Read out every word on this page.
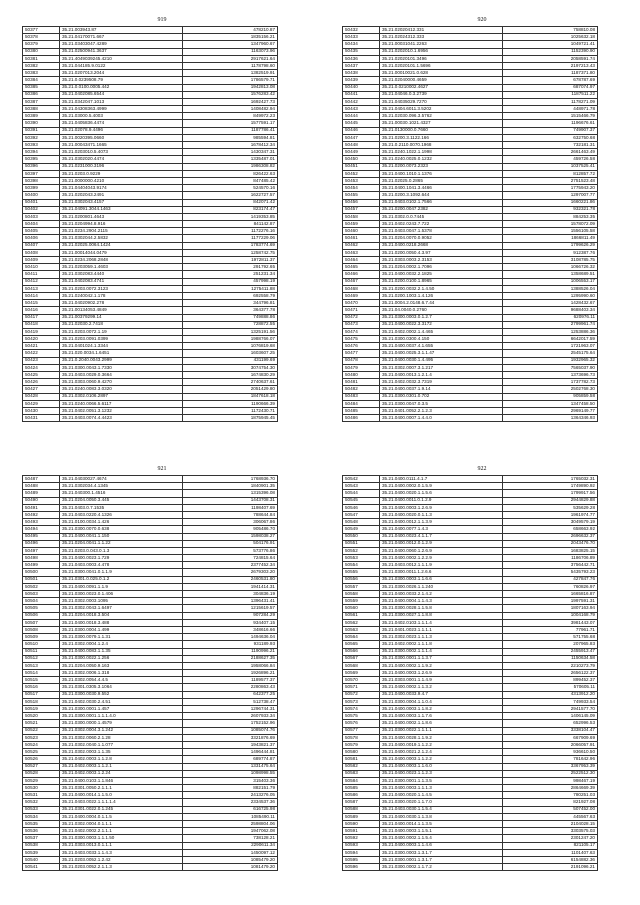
919
50377	35.21.003943.87	478210.87
50378	35.21.04170071.667	1835156.21
50379	35.21.03403047.4289	1347960.67
50380	35.21.02500941.3637	1163073.96
50381	35.21.4049039245.4210	2917621.64
50382	35.21.044185.9.0122	1178798.60
50383	35.21.0207013.2044	1382519.91
50384	35.21.0.0239508.79	1786579.71
50385	35.21.0.0100.0005.442	1942813.08
50386	35.21.0402085.6544	1576283.42
50387	35.21.0342047.1013	1692427.73
50388	35.21.04308363.4999	1408482.94
50389	35.21.03000.5.4003	849972.23
50390	35.21.0405836.4474	1577591.17
50391	35.21.02078.9.4496	1187786.41
50392	35.21.0020395.0660	985594.81
50393	35.21.00043471.1665	1678412.34
50394	35.21.0203010.5.4073	1430347.31
50395	35.21.0302020.4474	1335487.01
50396	35.21.0231000.3196	1986308.82
50397	35.21.0203.0.9229	826422.63
50398	35.21.0000000.4210	847485.42
50399	35.21.04404043.9174	524570.16
50400	35.21.0202043.2491	1622727.57
50401	35.21.0302043.4157	842071.42
50402	35.21.04091.3044.1463	823174.47
50403	35.21.0200801.4643	1419353.85
50404	35.21.0204994.8.916	841142.87
50405	35.21.0234.2904.2115	1172276.16
50406	35.21.0302044.2.5832	1177229.06
50407	35.21.02025.0064.1424	1783774.69
50408	35.21.00014044.0479	1258742.75
50409	35.21.0234.2068.2848	1972811.37
50410	35.21.0203059.1.4603	291792.65
50411	35.21.0302083.4440	251231.34
50412	35.21.0402083.4741	457998.19
50413	35.21.0203.0072.3123	1275411.88
50414	35.21.0240042.1.178	692558.79
50415	35.21.04020902.278	344796.81
50416	35.21.00134053.4849	364377.78
50417	35.21.00379299.14	749888.86
50418	35.21.02030.2.7418	728872.55
50419	35.21.0203.0072.1.19	1325191.56
50420	35.21.0203.0091.0399	1988766.07
50421	35.21.0401024.1.3344	1076819.68
50422	35.21.020.0034.1.6451	1603607.25
50423	35.21.0.2040.0043.2999	431199.69
50424	35.21.0300.0043.1.7330	3074754.30
50425	35.21.0403.0029.0.3664	1674830.29
50426	35.21.0303.0060.9.4270	2740637.61
50427	35.21.0240.0083.3.0320	2051429.80
50428	35.21.0302.0106.2897	1847618.18
50429	35.21.0240.0066.5.6117	1190666.39
50430	35.21.0402.0051.3.1232	1172430.71
50431	35.21.0403.0074.4.4423	1875945.45
920
50432	35.21.02020412.331	758810.08
50433	35.21.02024312.333	1025632.18
50434	35.21.00031041.2263	1049721.41
50435	35.21.0202010.1.6956	1152390.90
50436	35.21.02020101.3496	2058591.74
50437	35.21.02020101.1.5696	2197213.43
50438	35.21.00010021.0.628	1187371.80
50439	35.21.02040000.4659	678787.69
50440	35.21.0.0210002.4627	687074.97
50441	35.21.04046.0.3.2739	1187511.22
50442	35.21.04035029.7270	1178271.09
50443	35.21.0404.6011.3.5202	448971.78
50444	35.21.02030.096.3.5762	1515466.79
50445	35.21.00030.1021.4327	1196676.61
50446	35.21.0130000.0.7660	749907.37
50447	35.21.0200.3.1122.166	632750.68
50448	35.21.0.2110.0070.1968	732181.31
50449	35.21.0240.1022.1.1998	2661463.49
50450	35.21.0240.0025.0.1232	459726.58
50451	35.21.0200.0073.2323	1037525.41
50452	35.21.0400.1010.1.1376	812857.72
50453	35.21.02025.0.2865	2751523.48
50454	35.21.0400.1041.3.4466	1775943.20
50455	35.21.0200.3.1092.644	1297007.77
50456	35.21.0403.0102.1.7566	1660221.86
50457	35.21.0200.0047.2382	932321.78
50458	35.21.0302.0.0.7445	884253.35
50459	35.21.0402.0243.7.722	1578072.09
50460	35.21.0403.0047.1.5378	1556105.58
50461	35.21.0204.0070.0.9052	1866811.49
50462	35.21.0400.0218.2668	1799626.29
50463	35.21.0200.0050.4.3.97	912387.76
50464	35.21.0303.0003.2.3153	3108785.75
50465	35.21.0204.0002.1.7096	1066726.32
50466	35.21.0400.0032.2.1825	1358689.51
50467	35.21.0200.0100.1.8965	1006553.17
50468	35.21.0200.0032.2.1.4.50	1388526.04
50469	35.21.0200.1003.1.4.126	1295990.60
50470	35.21.0004.2.0148.6.7.44	1428432.67
50471	35.21.04.0040.0.2760	9688403.34
50472	35.21.0300.0003.0.1.2.7	620976.11
50473	35.21.0400.0022.3.3172	2799961.74
50474	35.21.0402.0002.1.4.465	1253886.36
50475	35.21.0300.0300.4.150	6642017.59
50476	35.21.0400.0037.4.1.655	1721963.07
50477	35.21.0400.0025.3.1.1.47	2545175.64
50478	35.21.0400.0030.1.4.495	1932965.32
50479	35.21.0302.0007.3.1.217	7565037.90
50480	35.21.0400.0013.1.2.1.4	1373696.73
50481	35.21.0402.0032.3.7319	1737782.73
50482	35.21.0400.0037.1.9.14	2502768.30
50483	35.21.0300.0301.0.702	905859.58
50484	35.21.0300.0047.0.3.5	1347458.50
50485	35.21.0401.0052.2.1.2.3	2969149.77
50486	35.21.0400.0007.1.4.4.0	1364346.93
921
50487	35.21.04030027.4674	1768936.70
50488	35.21.0302034.4.1345	1840901.35
50489	35.21.040300.1.4516	1315396.08
50490	35.21.0204.0050.3.445	1443708.31
50491	35.21.0403.0.7.1535	1198407.69
50492	35.21.0403.0220.4.1326	788644.84
50493	35.21.0100.0034.1.426	306067.86
50494	35.21.0300.0070.0.638	905486.70
50495	35.21.0400.0041.1.150	1598038.27
50496	35.21.0204.0041.1.1.22	504176.91
50497	35.21.0203.0.043.0.1.3	573776.86
50498	35.21.0400.0023.1.729	724815.64
50499	35.21.0403.0003.4.478	2377452.34
50500	35.21.0300.0041.0.1.1.9	2679303.20
50501	35.21.0301.0.025.0.1.2	2460531.80
50502	35.21.0400.0091.1.1.9	1941414.31
50503	35.21.0300.0023.0.1.406	304836.19
50504	35.21.0302.0003.1095	1396431.41
50505	35.21.0302.0043.1.6497	1215619.57
50506	35.21.0204.0018.3.504	907284.29
50507	35.21.0400.0018.3.488	934407.15
50508	35.21.0300.0004.1.499	348616.66
50509	35.21.0300.0079.1.1.31	1494636.04
50510	35.21.0302.0004.1.2.4	931189.93
50511	35.21.0400.0083.1.1.35	1190996.21
50512	35.21.0300.0022.1.256	2188627.35
50513	35.21.0204.0050.9.163	1958066.84
50514	35.21.0302.0006.1.318	1926896.21
50515	35.21.0302.0054.4.4.5	1189577.37
50516	35.21.0301.0305.3.1064	2280863.43
50517	35.21.0300.0030.9.552	642377.25
50518	35.21.0402.0030.2.4.51	512738.47
50519	35.21.0300.0001.1.457	1296744.31
50520	35.21.0300.0001.1.1.1.4.0	2607933.34
50521	35.21.0300.0000.1.4579	1752152.96
50522	35.21.0302.0004.3.1.242	1085074.76
50523	35.21.0302.0060.2.1.28	3321876.69
50524	35.21.0302.0040.1.1.077	1943821.37
50525	35.21.0302.0003.1.1.35	1496444.81
50526	35.21.0402.0003.1.1.2.8	689774.87
50527	35.21.0402.0003.1.1.2.1	1331475.64
50528	35.21.0402.0003.1.2.24	1098998.55
50529	35.21.0400.0103.1.1.846	315403.36
50530	35.21.0301.0050.2.1.1.1	882151.79
50531	35.21.0400.0014.1.1.5.0	2413276.05
50532	35.21.0403.0022.1.1.1.1.4	2334537.36
50533	35.21.0301.0022.0.1.245	616725.98
50534	35.21.0400.0004.0.1.1.5	1085490.11
50535	35.21.0302.0004.0.1.1.1	2598804.06
50536	35.21.0402.0002.2.1.1.1	1947062.08
50537	35.21.0300.0003.1.1.1.50	738128.21
50538	35.21.0303.0013.0.1.1.1	2290611.34
50539	35.21.0403.0033.1.1.4.3	1450097.12
50540	35.21.0203.0052.1.2.42	1085479.20
50541	35.21.0203.0052.2.1.1.3	1081479.20
922
50542	35.21.0400.0111.4.1.7	1765032.31
50543	35.21.0400.0002.0.1.5.9	1749890.92
50544	35.21.0400.0020.1.1.5.6	1799917.56
50545	35.21.0400.0011.0.1.2.9	2944829.88
50546	35.21.0400.0003.1.2.6.9	535629.28
50547	35.21.0400.0020.0.1.1.3	1961974.77
50548	35.21.0400.0012.1.1.3.9	3049579.19
50549	35.21.0400.0077.1.4.3	658663.92
50550	35.21.0400.0023.4.1.1.7	2696632.37
50551	35.21.0400.0012.0.1.2.9	2043476.70
50552	35.21.0400.0060.1.2.6.9	1683825.15
50553	35.21.0400.0002.1.2.2.9	1186706.89
50554	35.21.0403.0012.1.1.1.9	3756442.71
50555	35.21.0300.0011.1.2.6.6	5435793.23
50556	35.21.0300.0003.1.1.6.6	427847.76
50557	35.21.0300.0026.1.1.240	760826.97
50558	35.21.0400.0033.2.1.4.2	1665816.87
50559	35.21.0400.0004.1.1.4.3	1997591.31
50560	35.21.0300.0028.1.1.5.8	1807163.94
50561	35.21.0300.0027.1.1.8.8	1004168.79
50562	35.21.0402.0103.1.1.1.4	3981443.07
50563	35.21.0401.0023.1.1.1.1	77961.71
50564	35.21.0302.0023.1.1.1.3	571755.68
50565	35.21.0402.0002.1.1.1.8	207965.83
50566	35.21.0300.0002.1.1.1.4	2455913.47
50567	35.21.0300.0001.1.1.3.7	1150634.58
50568	35.21.0400.0002.1.1.9.2	2210273.79
50569	35.21.0400.0003.1.2.6.9	2656122.37
50570	35.21.0303.0001.1.1.4.9	899452.37
50571	35.21.0400.0002.1.1.3.2	570605.11
50572	35.21.0400.0033.9.4.7	4313912.20
50573	35.21.0300.0004.1.1.0.4	749933.54
50574	35.21.0400.0003.1.1.8.2	2941577.70
50575	35.21.0400.0003.1.1.7.6	1406145.09
50576	35.21.0400.0002.1.1.8.6	652996.53
50577	35.21.0300.0022.1.1.1.1	3338104.47
50578	35.21.0400.0028.1.1.9.2	667909.69
50579	35.21.0400.0019.1.1.2.2	2066057.91
50580	35.21.0400.0021.2.1.2.4	936610.50
50581	35.21.0400.0003.1.1.2.2	781642.96
50582	35.21.0400.0003.1.1.6.0	3367953.39
50583	35.21.0400.0023.1.1.2.3	2522512.30
50584	35.21.0300.0001.1.1.3.5	998467.19
50585	35.21.0400.0003.1.1.1.3	2864669.39
50586	35.21.0400.0020.1.1.4.5	780251.03
50587	35.21.0300.0020.1.1.7.0	821927.08
50588	35.21.0403.0030.1.1.5.4	507452.00
50589	35.21.0400.0030.1.1.3.8	445567.63
50590	35.21.0400.0014.1.1.3.5	2104028.15
50591	35.21.0400.0003.1.1.5.1	3303575.03
50592	35.21.0400.0002.1.1.5.4	2301247.20
50593	35.21.0400.0003.1.1.4.6	821105.17
50594	35.21.0300.0003.1.3.1.7	1101407.63
50595	35.21.0300.0001.1.3.1.7	6154882.36
50596	35.21.0300.0002.1.1.7.2	2191096.21
